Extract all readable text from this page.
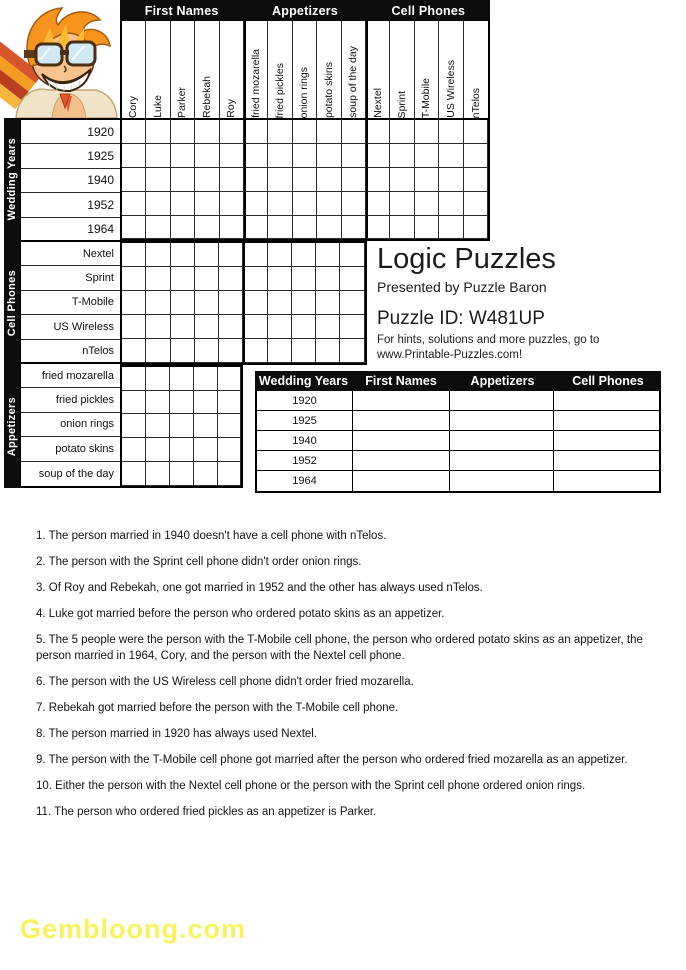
First Names	Appetizers	Cell Phones
Cory Luke Parker Rebekah Roy fried mozarella fried pickles onion rings potato skins soup of the day Nextel Sprint T-Mobile US Wireless nTelos
Wedding Years
Cell Phones
Appetizers
1920
1925
1940
1952
1964
Nextel
Sprint
T-Mobile
US Wireless
nTelos
fried mozarella
fried pickles
onion rings
potato skins
soup of the day
Logic Puzzles
Presented by Puzzle Baron
Puzzle ID: W481UP
For hints, solutions and more puzzles, go to
www.Printable-Puzzles.com!
Wedding Years	First Names	Appetizers	Cell Phones
1920
1925
1940
1952
1964
1. The person married in 1940 doesn't have a cell phone with nTelos.
2. The person with the Sprint cell phone didn't order onion rings.
3. Of Roy and Rebekah, one got married in 1952 and the other has always used nTelos.
4. Luke got married before the person who ordered potato skins as an appetizer.
5. The 5 people were the person with the T-Mobile cell phone, the person who ordered potato skins as an appetizer, the person married in 1964, Cory, and the person with the Nextel cell phone.
6. The person with the US Wireless cell phone didn't order fried mozarella.
7. Rebekah got married before the person with the T-Mobile cell phone.
8. The person married in 1920 has always used Nextel.
9. The person with the T-Mobile cell phone got married after the person who ordered fried mozarella as an appetizer.
10. Either the person with the Nextel cell phone or the person with the Sprint cell phone ordered onion rings.
11. The person who ordered fried pickles as an appetizer is Parker.
Gembloong.com
